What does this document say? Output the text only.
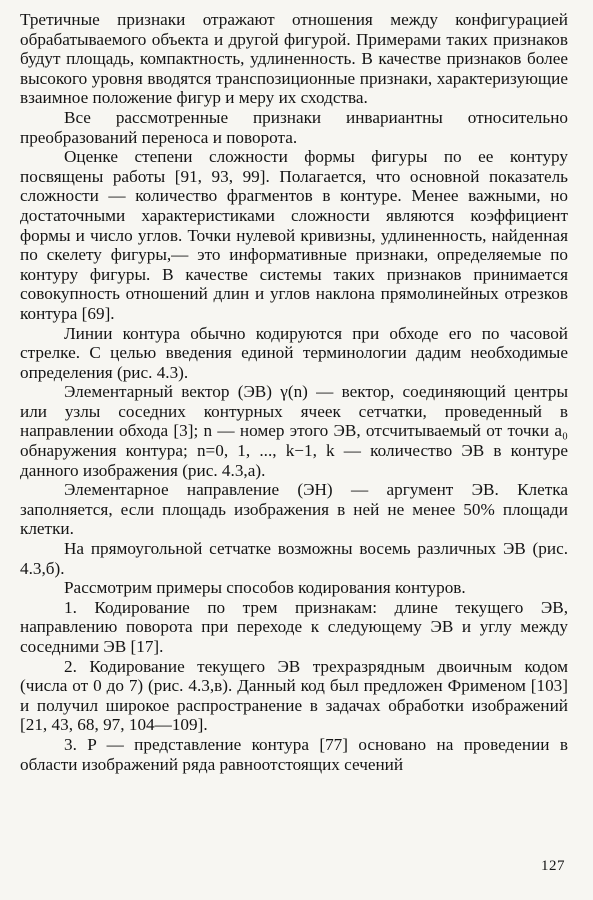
Третичные признаки отражают отношения между конфигурацией обрабатываемого объекта и другой фигурой. Примерами таких признаков будут площадь, компактность, удлиненность. В качестве признаков более высокого уровня вводятся транспозиционные признаки, характеризующие взаимное положение фигур и меру их сходства.

Все рассмотренные признаки инвариантны относительно преобразований переноса и поворота.

Оценке степени сложности формы фигуры по ее контуру посвящены работы [91, 93, 99]. Полагается, что основной показатель сложности — количество фрагментов в контуре. Менее важными, но достаточными характеристиками сложности являются коэффициент формы и число углов. Точки нулевой кривизны, удлиненность, найденная по скелету фигуры,— это информативные признаки, определяемые по контуру фигуры. В качестве системы таких признаков принимается совокупность отношений длин и углов наклона прямолинейных отрезков контура [69].

Линии контура обычно кодируются при обходе его по часовой стрелке. С целью введения единой терминологии дадим необходимые определения (рис. 4.3).

Элементарный вектор (ЭВ) γ(n) — вектор, соединяющий центры или узлы соседних контурных ячеек сетчатки, проведенный в направлении обхода [3]; n — номер этого ЭВ, отсчитываемый от точки a₀ обнаружения контура; n=0, 1, ..., k−1, k — количество ЭВ в контуре данного изображения (рис. 4.3,а).

Элементарное направление (ЭН) — аргумент ЭВ. Клетка заполняется, если площадь изображения в ней не менее 50% площади клетки.

На прямоугольной сетчатке возможны восемь различных ЭВ (рис. 4.3,б).

Рассмотрим примеры способов кодирования контуров.

1. Кодирование по трем признакам: длине текущего ЭВ, направлению поворота при переходе к следующему ЭВ и углу между соседними ЭВ [17].

2. Кодирование текущего ЭВ трехразрядным двоичным кодом (числа от 0 до 7) (рис. 4.3,в). Данный код был предложен Фрименом [103] и получил широкое распространение в задачах обработки изображений [21, 43, 68, 97, 104—109].

3. P — представление контура [77] основано на проведении в области изображений ряда равноотстоящих сечений

127
